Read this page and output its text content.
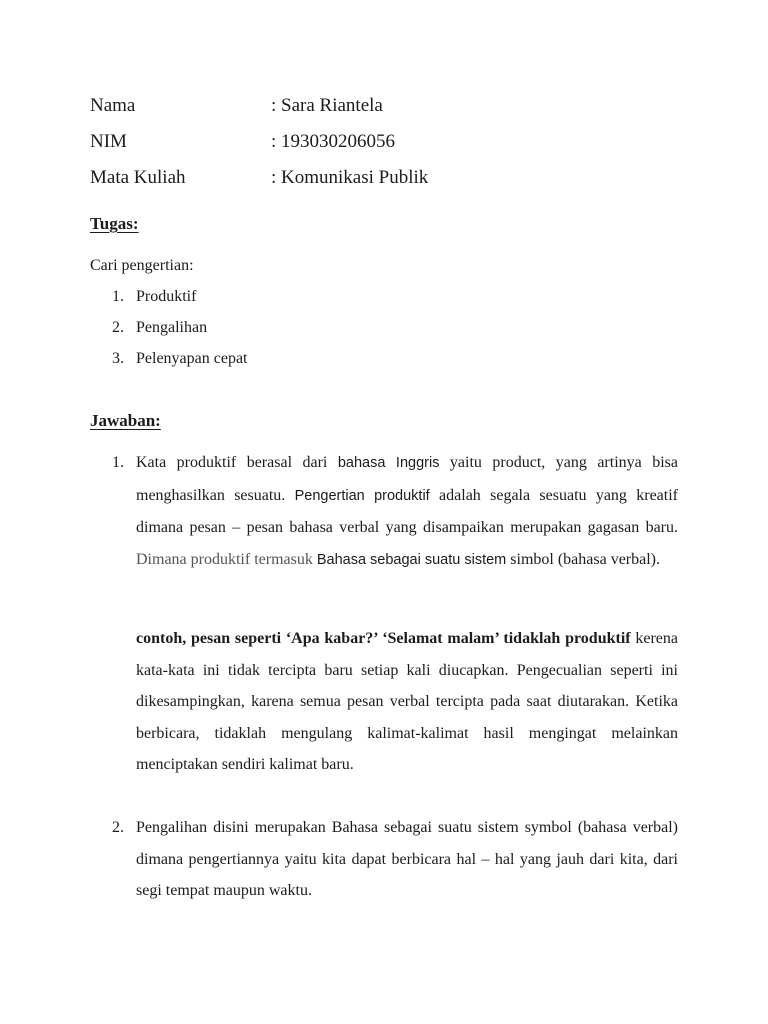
Nama	: Sara Riantela
NIM	: 193030206056
Mata Kuliah	: Komunikasi Publik
Tugas:
Cari pengertian:
1. Produktif
2. Pengalihan
3. Pelenyapan cepat
Jawaban:
1. Kata produktif berasal dari bahasa Inggris yaitu product, yang artinya bisa menghasilkan sesuatu. Pengertian produktif adalah segala sesuatu yang kreatif dimana pesan – pesan bahasa verbal yang disampaikan merupakan gagasan baru. Dimana produktif termasuk Bahasa sebagai suatu sistem simbol (bahasa verbal).
contoh, pesan seperti ‘Apa kabar?’ ‘Selamat malam’ tidaklah produktif kerena kata-kata ini tidak tercipta baru setiap kali diucapkan. Pengecualian seperti ini dikesampingkan, karena semua pesan verbal tercipta pada saat diutarakan. Ketika berbicara, tidaklah mengulang kalimat-kalimat hasil mengingat melainkan menciptakan sendiri kalimat baru.
2. Pengalihan disini merupakan Bahasa sebagai suatu sistem symbol (bahasa verbal) dimana pengertiannya yaitu kita dapat berbicara hal – hal yang jauh dari kita, dari segi tempat maupun waktu.
